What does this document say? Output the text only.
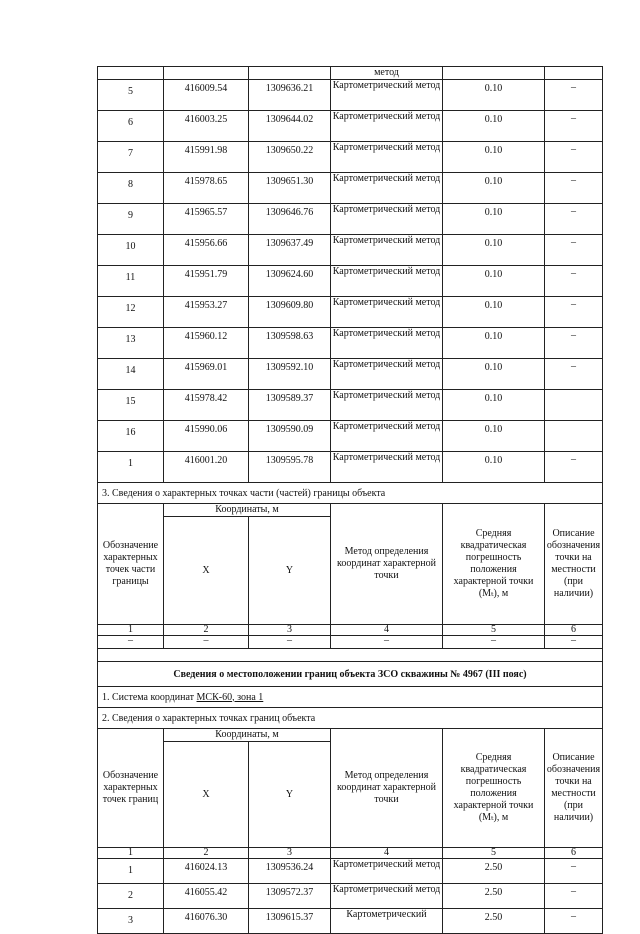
			метод		
5	416009.54	1309636.21	Картометрический метод	0.10	–
6	416003.25	1309644.02	Картометрический метод	0.10	–
7	415991.98	1309650.22	Картометрический метод	0.10	–
8	415978.65	1309651.30	Картометрический метод	0.10	–
9	415965.57	1309646.76	Картометрический метод	0.10	–
10	415956.66	1309637.49	Картометрический метод	0.10	–
11	415951.79	1309624.60	Картометрический метод	0.10	–
12	415953.27	1309609.80	Картометрический метод	0.10	–
13	415960.12	1309598.63	Картометрический метод	0.10	–
14	415969.01	1309592.10	Картометрический метод	0.10	–
15	415978.42	1309589.37	Картометрический метод	0.10	
16	415990.06	1309590.09	Картометрический метод	0.10	
1	416001.20	1309595.78	Картометрический метод	0.10	–
3. Сведения о характерных точках части (частей) границы объекта					
Обозначение характерных точек части границы	Координаты, м		Метод определения координат характерной точки	Средняя квадратическая погрешность положения характерной точки (Мₜ), м	Описание обозначения точки на местности (при наличии)
	X	Y			
1	2	3	4	5	6
–	–	–	–	–	–

Сведения о местоположении границ объекта ЗСО скважины № 4967 (III пояс)					
1. Система координат МСК-60, зона 1					
2. Сведения о характерных точках границ объекта					
Обозначение характерных точек границ	Координаты, м		Метод определения координат характерной точки	Средняя квадратическая погрешность положения характерной точки (Мₜ), м	Описание обозначения точки на местности (при наличии)
	X	Y			
1	2	3	4	5	6
1	416024.13	1309536.24	Картометрический метод	2.50	–
2	416055.42	1309572.37	Картометрический метод	2.50	–
3	416076.30	1309615.37	Картометрический	2.50	–
